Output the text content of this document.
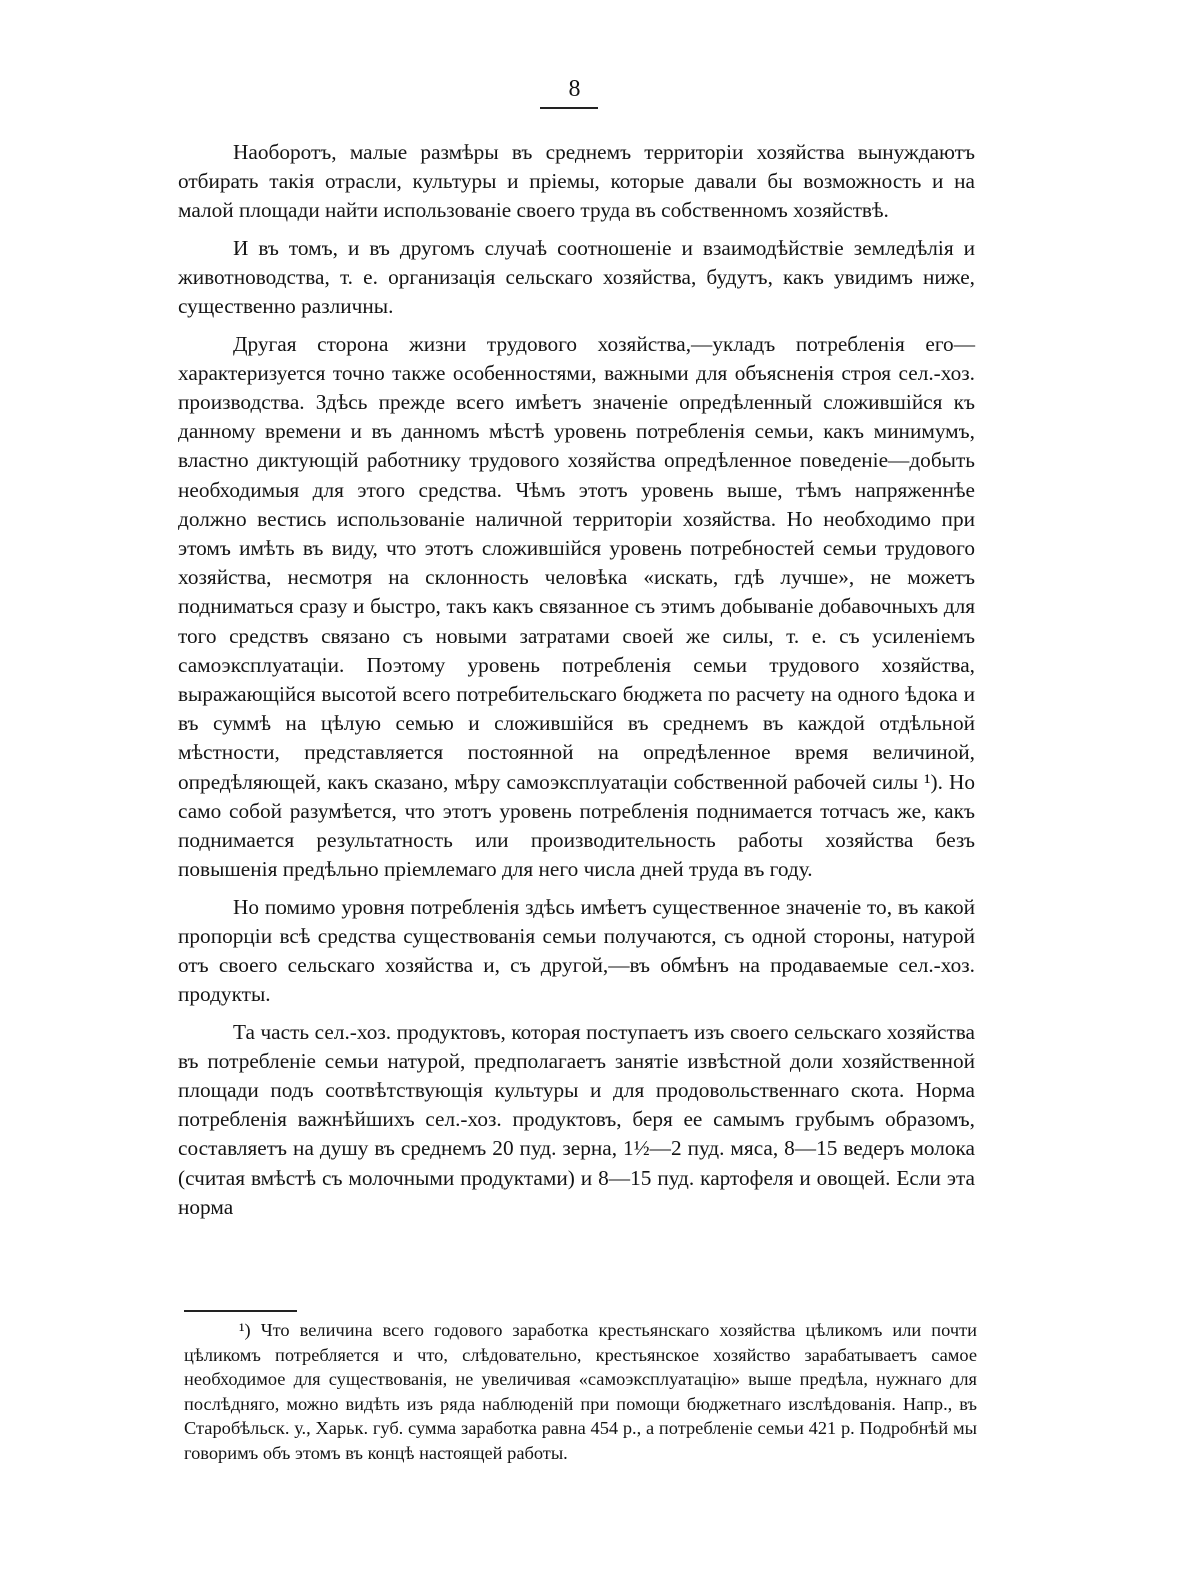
8

Наоборотъ, малые размѣры въ среднемъ территоріи хозяйства вынуждаютъ отбирать такія отрасли, культуры и пріемы, которые давали бы возможность и на малой площади найти использованіе своего труда въ собственномъ хозяйствѣ.

И въ томъ, и въ другомъ случаѣ соотношеніе и взаимодѣйствіе земледѣлія и животноводства, т. е. организація сельскаго хозяйства, будутъ, какъ увидимъ ниже, существенно различны.

Другая сторона жизни трудового хозяйства,—укладъ потребленія его—характеризуется точно также особенностями, важными для объясненія строя сел.-хоз. производства. Здѣсь прежде всего имѣетъ значеніе опредѣленный сложившійся къ данному времени и въ данномъ мѣстѣ уровень потребленія семьи, какъ минимумъ, властно диктующій работнику трудового хозяйства опредѣленное поведеніе—добыть необходимыя для этого средства. Чѣмъ этотъ уровень выше, тѣмъ напряженнѣе должно вестись использованіе наличной территоріи хозяйства. Но необходимо при этомъ имѣть въ виду, что этотъ сложившійся уровень потребностей семьи трудового хозяйства, несмотря на склонность человѣка «искать, гдѣ лучше», не можетъ подниматься сразу и быстро, такъ какъ связанное съ этимъ добываніе добавочныхъ для того средствъ связано съ новыми затратами своей же силы, т. е. съ усиленіемъ самоэксплуатаціи. Поэтому уровень потребленія семьи трудового хозяйства, выражающійся высотой всего потребительскаго бюджета по расчету на одного ѣдока и въ суммѣ на цѣлую семью и сложившійся въ среднемъ въ каждой отдѣльной мѣстности, представляется постоянной на опредѣленное время величиной, опредѣляющей, какъ сказано, мѣру самоэксплуатаціи собственной рабочей силы ¹). Но само собой разумѣется, что этотъ уровень потребленія поднимается тотчасъ же, какъ поднимается результатность или производительность работы хозяйства безъ повышенія предѣльно пріемлемаго для него числа дней труда въ году.

Но помимо уровня потребленія здѣсь имѣетъ существенное значеніе то, въ какой пропорціи всѣ средства существованія семьи получаются, съ одной стороны, натурой отъ своего сельскаго хозяйства и, съ другой,—въ обмѣнъ на продаваемые сел.-хоз. продукты.

Та часть сел.-хоз. продуктовъ, которая поступаетъ изъ своего сельскаго хозяйства въ потребленіе семьи натурой, предполагаетъ занятіе извѣстной доли хозяйственной площади подъ соотвѣтствующія культуры и для продовольственнаго скота. Норма потребленія важнѣйшихъ сел.-хоз. продуктовъ, беря ее самымъ грубымъ образомъ, составляетъ на душу въ среднемъ 20 пуд. зерна, 1½—2 пуд. мяса, 8—15 ведеръ молока (считая вмѣстѣ съ молочными продуктами) и 8—15 пуд. картофеля и овощей. Если эта норма

¹) Что величина всего годового заработка крестьянскаго хозяйства цѣликомъ или почти цѣликомъ потребляется и что, слѣдовательно, крестьянское хозяйство зарабатываетъ самое необходимое для существованія, не увеличивая «самоэксплуатацію» выше предѣла, нужнаго для послѣдняго, можно видѣть изъ ряда наблюденій при помощи бюджетнаго изслѣдованія. Напр., въ Старобѣльск. у., Харьк. губ. сумма заработка равна 454 р., а потребленіе семьи 421 р. Подробнѣй мы говоримъ объ этомъ въ концѣ настоящей работы.
